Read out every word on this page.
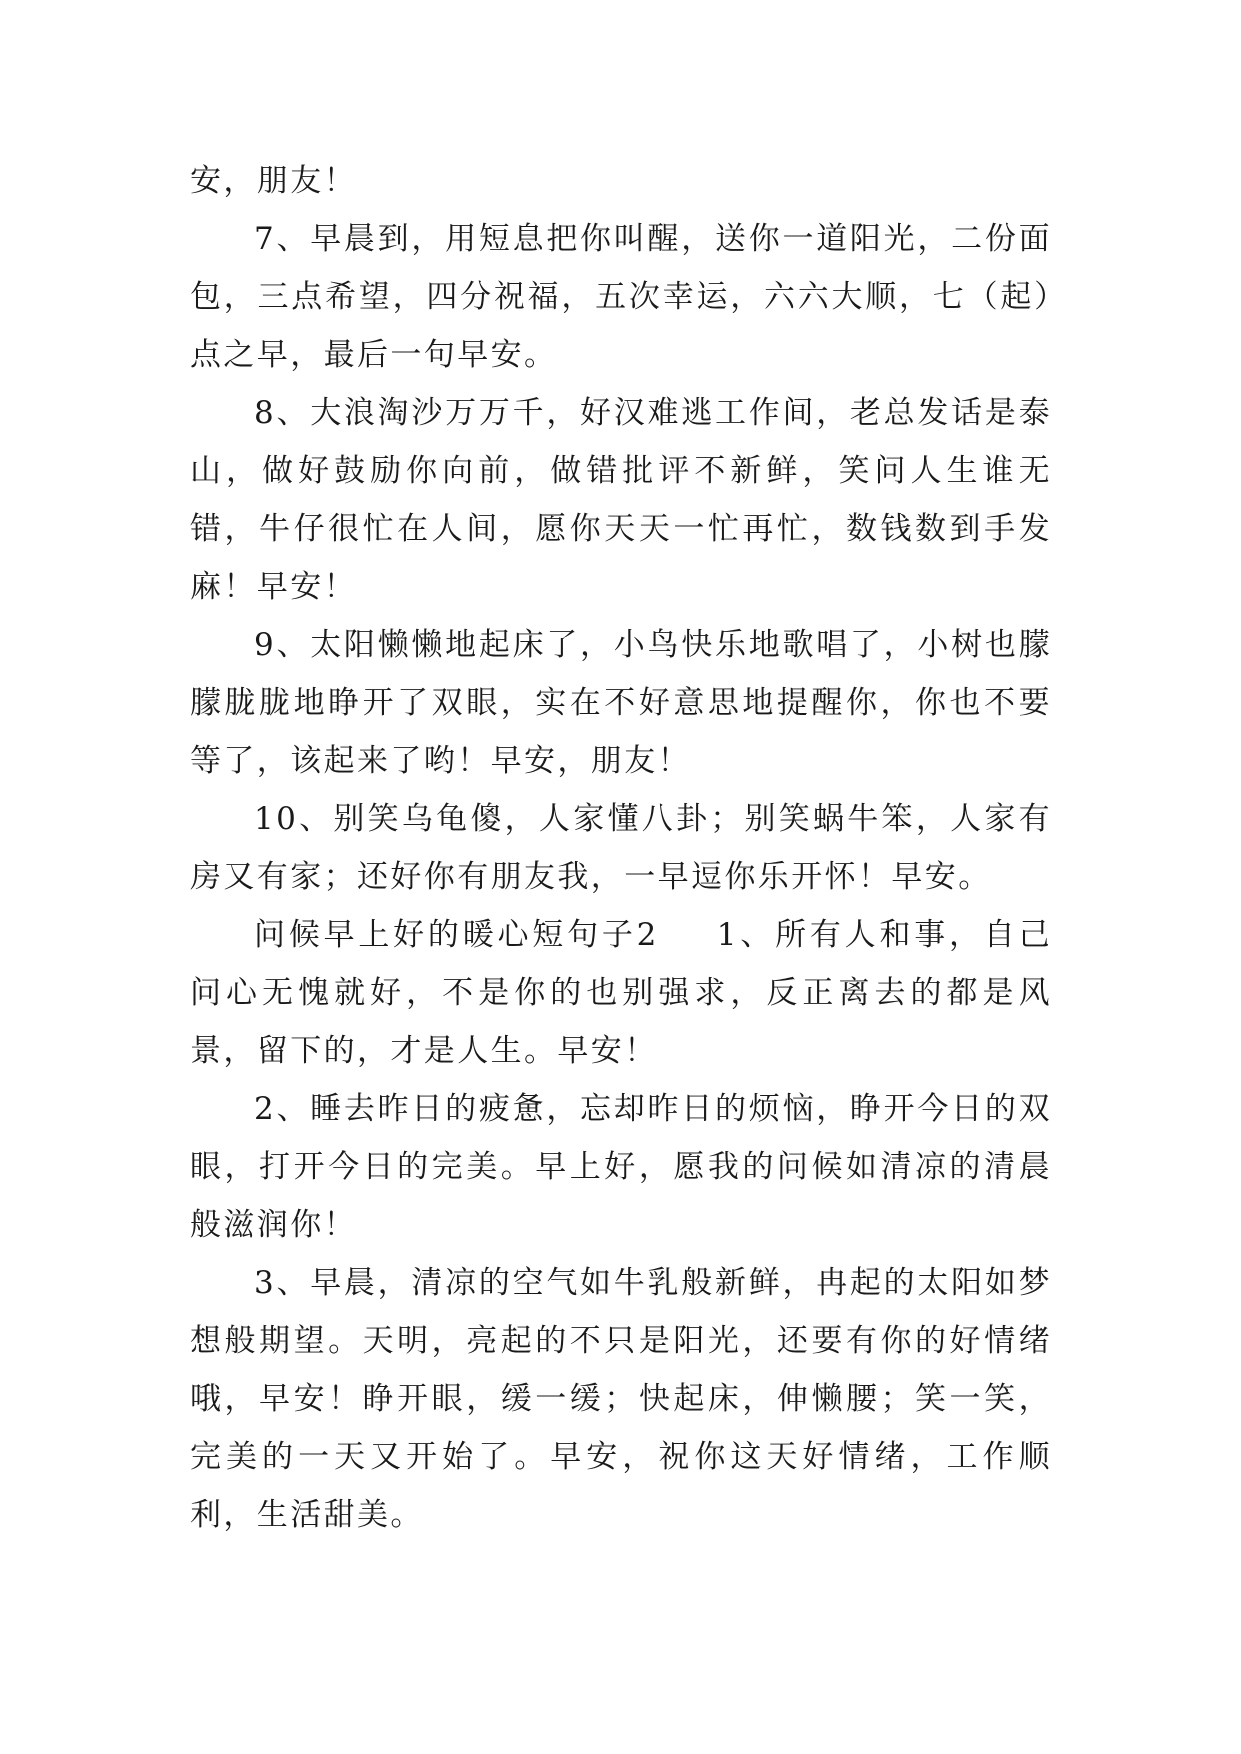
安，朋友！

7、早晨到，用短息把你叫醒，送你一道阳光，二份面包，三点希望，四分祝福，五次幸运，六六大顺，七（起）点之早，最后一句早安。

8、大浪淘沙万万千，好汉难逃工作间，老总发话是泰山，做好鼓励你向前，做错批评不新鲜，笑问人生谁无错，牛仔很忙在人间，愿你天天一忙再忙，数钱数到手发麻！早安！

9、太阳懒懒地起床了，小鸟快乐地歌唱了，小树也朦朦胧胧地睁开了双眼，实在不好意思地提醒你，你也不要等了，该起来了哟！早安，朋友！

10、别笑乌龟傻，人家懂八卦；别笑蜗牛笨，人家有房又有家；还好你有朋友我，一早逗你乐开怀！早安。

问候早上好的暖心短句子2 1、所有人和事，自己问心无愧就好，不是你的也别强求，反正离去的都是风景，留下的，才是人生。早安！

2、睡去昨日的疲惫，忘却昨日的烦恼，睁开今日的双眼，打开今日的完美。早上好，愿我的问候如清凉的清晨般滋润你！

3、早晨，清凉的空气如牛乳般新鲜，冉起的太阳如梦想般期望。天明，亮起的不只是阳光，还要有你的好情绪哦，早安！睁开眼，缓一缓；快起床，伸懒腰；笑一笑，完美的一天又开始了。早安，祝你这天好情绪，工作顺利，生活甜美。
